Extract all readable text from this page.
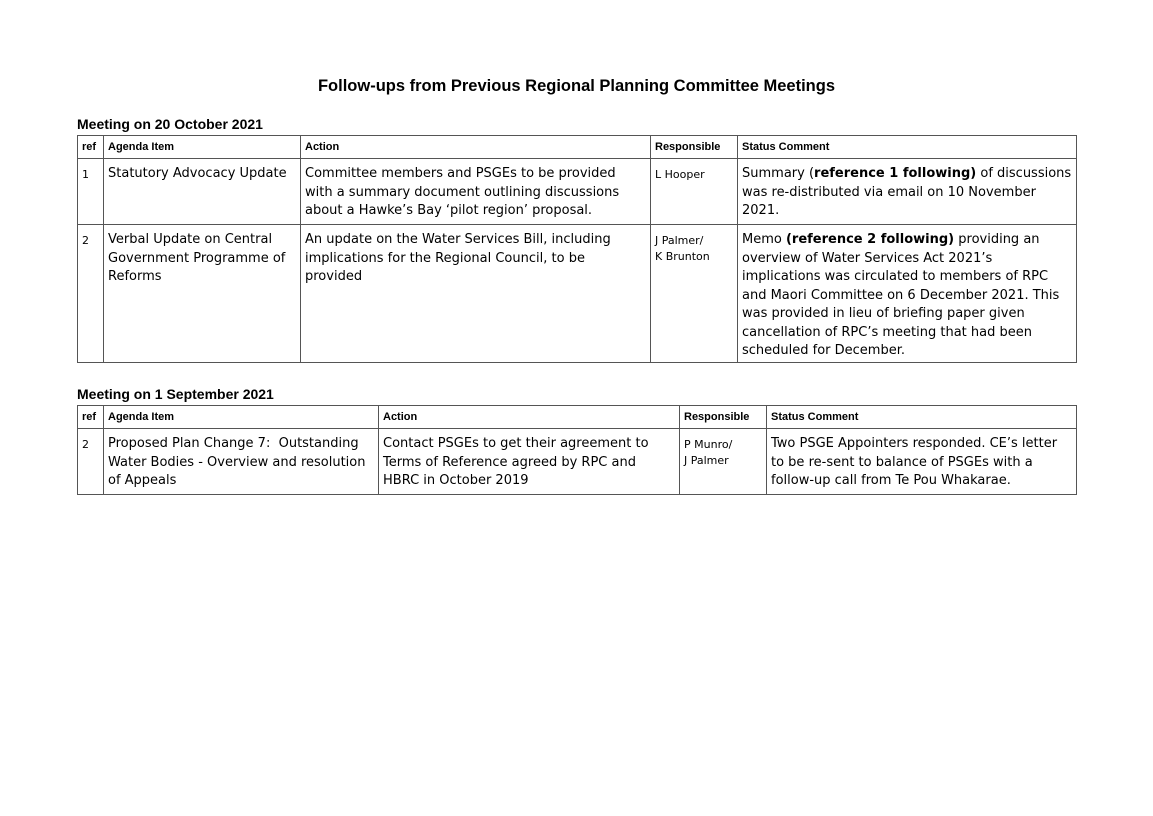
Follow-ups from Previous Regional Planning Committee Meetings
Meeting on 20 October 2021
ref	Agenda Item	Action	Responsible	Status Comment
1	Statutory Advocacy Update	Committee members and PSGEs to be provided with a summary document outlining discussions about a Hawke’s Bay ‘pilot region’ proposal.	L Hooper	Summary (reference 1 following) of discussions was re-distributed via email on 10 November 2021.
2	Verbal Update on Central Government Programme of Reforms	An update on the Water Services Bill, including implications for the Regional Council, to be provided	J Palmer/
K Brunton	Memo (reference 2 following) providing an overview of Water Services Act 2021’s implications was circulated to members of RPC and Maori Committee on 6 December 2021. This was provided in lieu of briefing paper given cancellation of RPC’s meeting that had been scheduled for December.
Meeting on 1 September 2021
ref	Agenda Item	Action	Responsible	Status Comment
2	Proposed Plan Change 7:  Outstanding Water Bodies - Overview and resolution of Appeals	Contact PSGEs to get their agreement to Terms of Reference agreed by RPC and HBRC in October 2019	P Munro/
J Palmer	Two PSGE Appointers responded. CE’s letter to be re-sent to balance of PSGEs with a follow-up call from Te Pou Whakarae.
